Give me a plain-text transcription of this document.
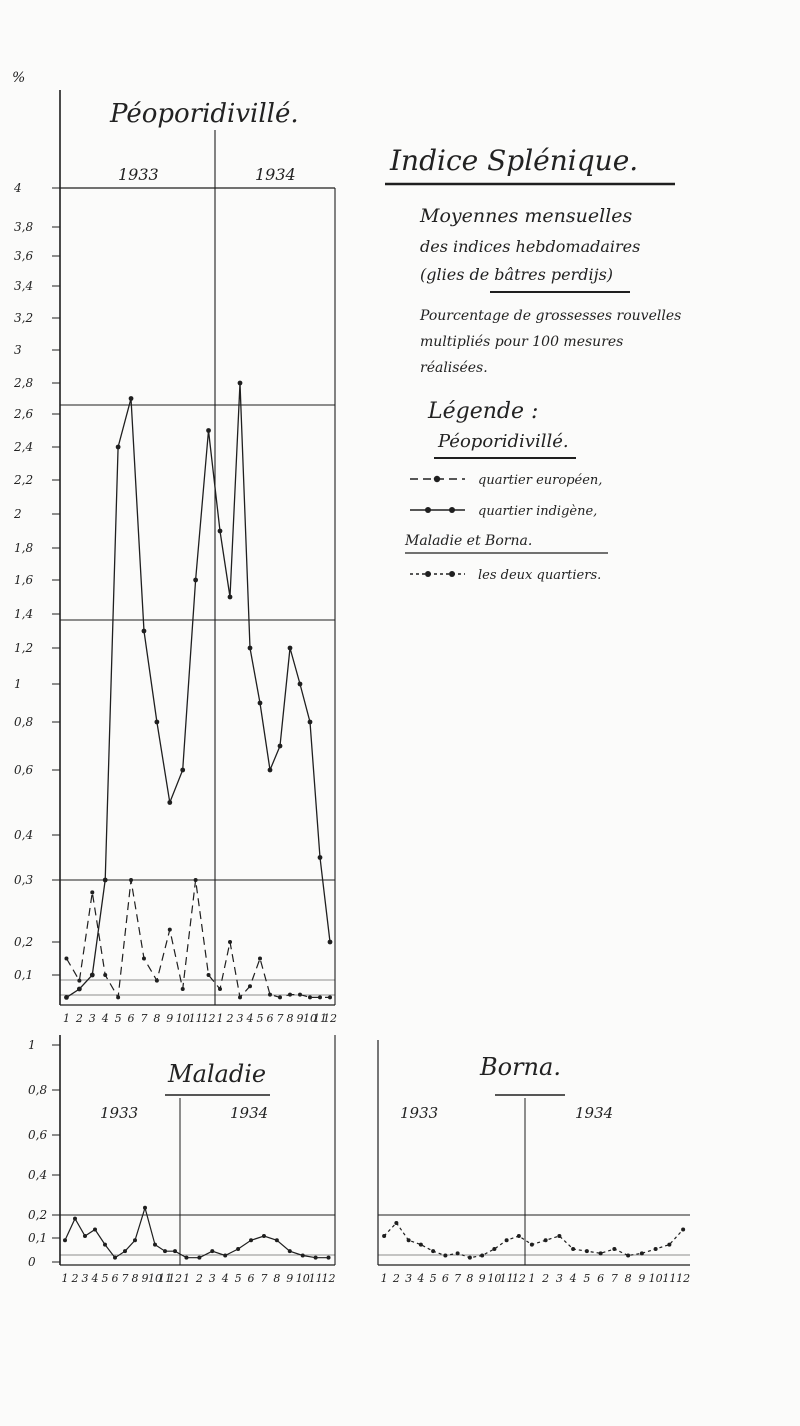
Péoporidivillé.
1933	1934
%
4
3,8
3,6
3,4
3,2
3
2,8
2,6
2,4
2,2
2
1,8
1,6
1,4
1,2
1
0,8
0,6
0,4
0,3
0,2
0,1
1 2 3 4 5 6 7 8 9 10
11
12 1 2 3 4 5 6 7 8 9 10
11
12
Indice Splénique.
Moyennes mensuelles
des indices hebdomadaires
(glies de bâtres perdijs)
Pourcentage de grossesses rouvelles
multipliés pour 100 mesures
réalisées.
Légende :
Péoporidivillé.
quartier européen,
quartier indigène,
Maladie et Borna.
les deux quartiers.
Maladie
1933	1934
1
0,8
0,6
0,4
0,2
0,1
0
1 2 3 4 5 6 7 8 9 10
11
12 1 2 3 4 5 6 7 8 9 10
11
12
Borna.
1933	1934
1 2 3 4 5 6 7 8 9 10
11
12 1 2 3 4 5 6 7 8 9 10 11 12
